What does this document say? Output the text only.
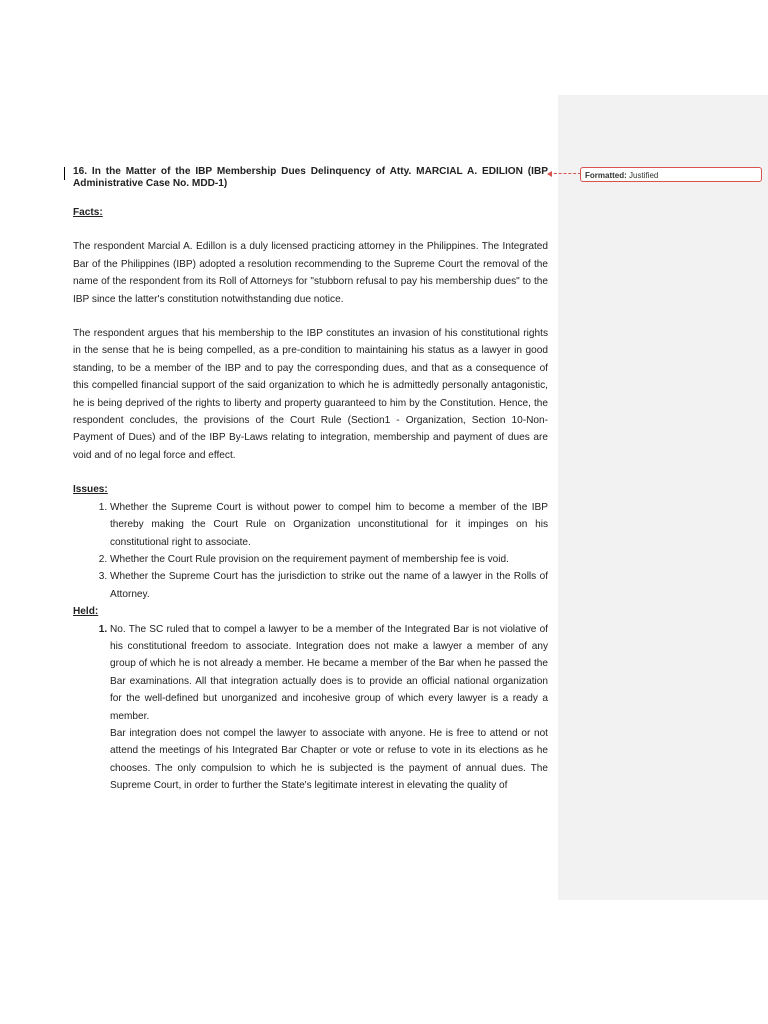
Formatted: Justified

16. In the Matter of the IBP Membership Dues Delinquency of Atty. MARCIAL A. EDILION (IBP Administrative Case No. MDD-1)

Facts:

The respondent Marcial A. Edillon is a duly licensed practicing attorney in the Philippines. The Integrated Bar of the Philippines (IBP) adopted a resolution recommending to the Supreme Court the removal of the name of the respondent from its Roll of Attorneys for "stubborn refusal to pay his membership dues" to the IBP since the latter's constitution notwithstanding due notice.

The respondent argues that his membership to the IBP constitutes an invasion of his constitutional rights in the sense that he is being compelled, as a pre-condition to maintaining his status as a lawyer in good standing, to be a member of the IBP and to pay the corresponding dues, and that as a consequence of this compelled financial support of the said organization to which he is admittedly personally antagonistic, he is being deprived of the rights to liberty and property guaranteed to him by the Constitution. Hence, the respondent concludes, the provisions of the Court Rule (Section1 - Organization, Section 10-Non-Payment of Dues) and of the IBP By-Laws relating to integration, membership and payment of dues are void and of no legal force and effect.

Issues:

1. Whether the Supreme Court is without power to compel him to become a member of the IBP thereby making the Court Rule on Organization unconstitutional for it impinges on his constitutional right to associate.
2. Whether the Court Rule provision on the requirement payment of membership fee is void.
3. Whether the Supreme Court has the jurisdiction to strike out the name of a lawyer in the Rolls of Attorney.

Held:

1. No. The SC ruled that to compel a lawyer to be a member of the Integrated Bar is not violative of his constitutional freedom to associate. Integration does not make a lawyer a member of any group of which he is not already a member. He became a member of the Bar when he passed the Bar examinations. All that integration actually does is to provide an official national organization for the well-defined but unorganized and incohesive group of which every lawyer is a ready a member.

Bar integration does not compel the lawyer to associate with anyone. He is free to attend or not attend the meetings of his Integrated Bar Chapter or vote or refuse to vote in its elections as he chooses. The only compulsion to which he is subjected is the payment of annual dues. The Supreme Court, in order to further the State's legitimate interest in elevating the quality of
